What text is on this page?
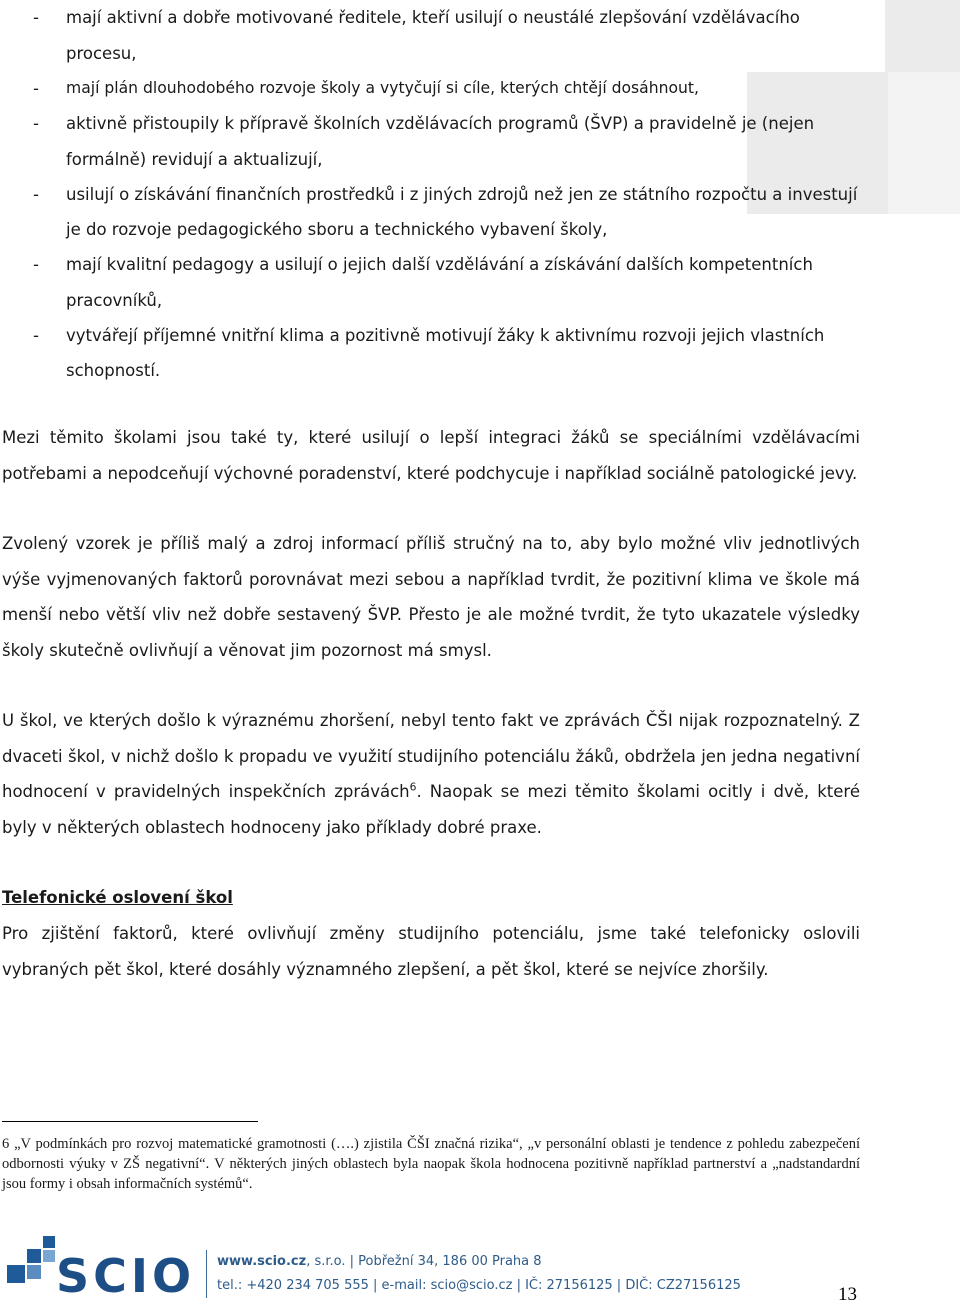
- mají aktivní a dobře motivované ředitele, kteří usilují o neustálé zlepšování vzdělávacího procesu,
- mají plán dlouhodobého rozvoje školy a vytyčují si cíle, kterých chtějí dosáhnout,
- aktivně přistoupily k přípravě školních vzdělávacích programů (ŠVP) a pravidelně je (nejen formálně) revidují a aktualizují,
- usilují o získávání finančních prostředků i z jiných zdrojů než jen ze státního rozpočtu a investují je do rozvoje pedagogického sboru a technického vybavení školy,
- mají kvalitní pedagogy a usilují o jejich další vzdělávání a získávání dalších kompetentních pracovníků,
- vytvářejí příjemné vnitřní klima a pozitivně motivují žáky k aktivnímu rozvoji jejich vlastních schopností.

Mezi těmito školami jsou také ty, které usilují o lepší integraci žáků se speciálními vzdělávacími potřebami a nepodceňují výchovné poradenství, které podchycuje i například sociálně patologické jevy.

Zvolený vzorek je příliš malý a zdroj informací příliš stručný na to, aby bylo možné vliv jednotlivých výše vyjmenovaných faktorů porovnávat mezi sebou a například tvrdit, že pozitivní klima ve škole má menší nebo větší vliv než dobře sestavený ŠVP. Přesto je ale možné tvrdit, že tyto ukazatele výsledky školy skutečně ovlivňují a věnovat jim pozornost má smysl.

U škol, ve kterých došlo k výraznému zhoršení, nebyl tento fakt ve zprávách ČŠI nijak rozpoznatelný. Z dvaceti škol, v nichž došlo k propadu ve využití studijního potenciálu žáků, obdržela jen jedna negativní hodnocení v pravidelných inspekčních zprávách$^6$. Naopak se mezi těmito školami ocitly i dvě, které byly v některých oblastech hodnoceny jako příklady dobré praxe.

Telefonické oslovení škol

Pro zjištění faktorů, které ovlivňují změny studijního potenciálu, jsme také telefonicky oslovili vybraných pět škol, které dosáhly významného zlepšení, a pět škol, které se nejvíce zhoršily.

6 „V podmínkách pro rozvoj matematické gramotnosti (….) zjistila ČŠI značná rizika“, „v personální oblasti je tendence z pohledu zabezpečení odbornosti výuky v ZŠ negativní“. V některých jiných oblastech byla naopak škola hodnocena pozitivně například partnerství a „nadstandardní jsou formy i obsah informačních systémů“.

SCIO www.scio.cz, s.r.o. | Pobřežní 34, 186 00 Praha 8
tel.: +420 234 705 555 | e-mail: scio@scio.cz | IČ: 27156125 | DIČ: CZ27156125	13
